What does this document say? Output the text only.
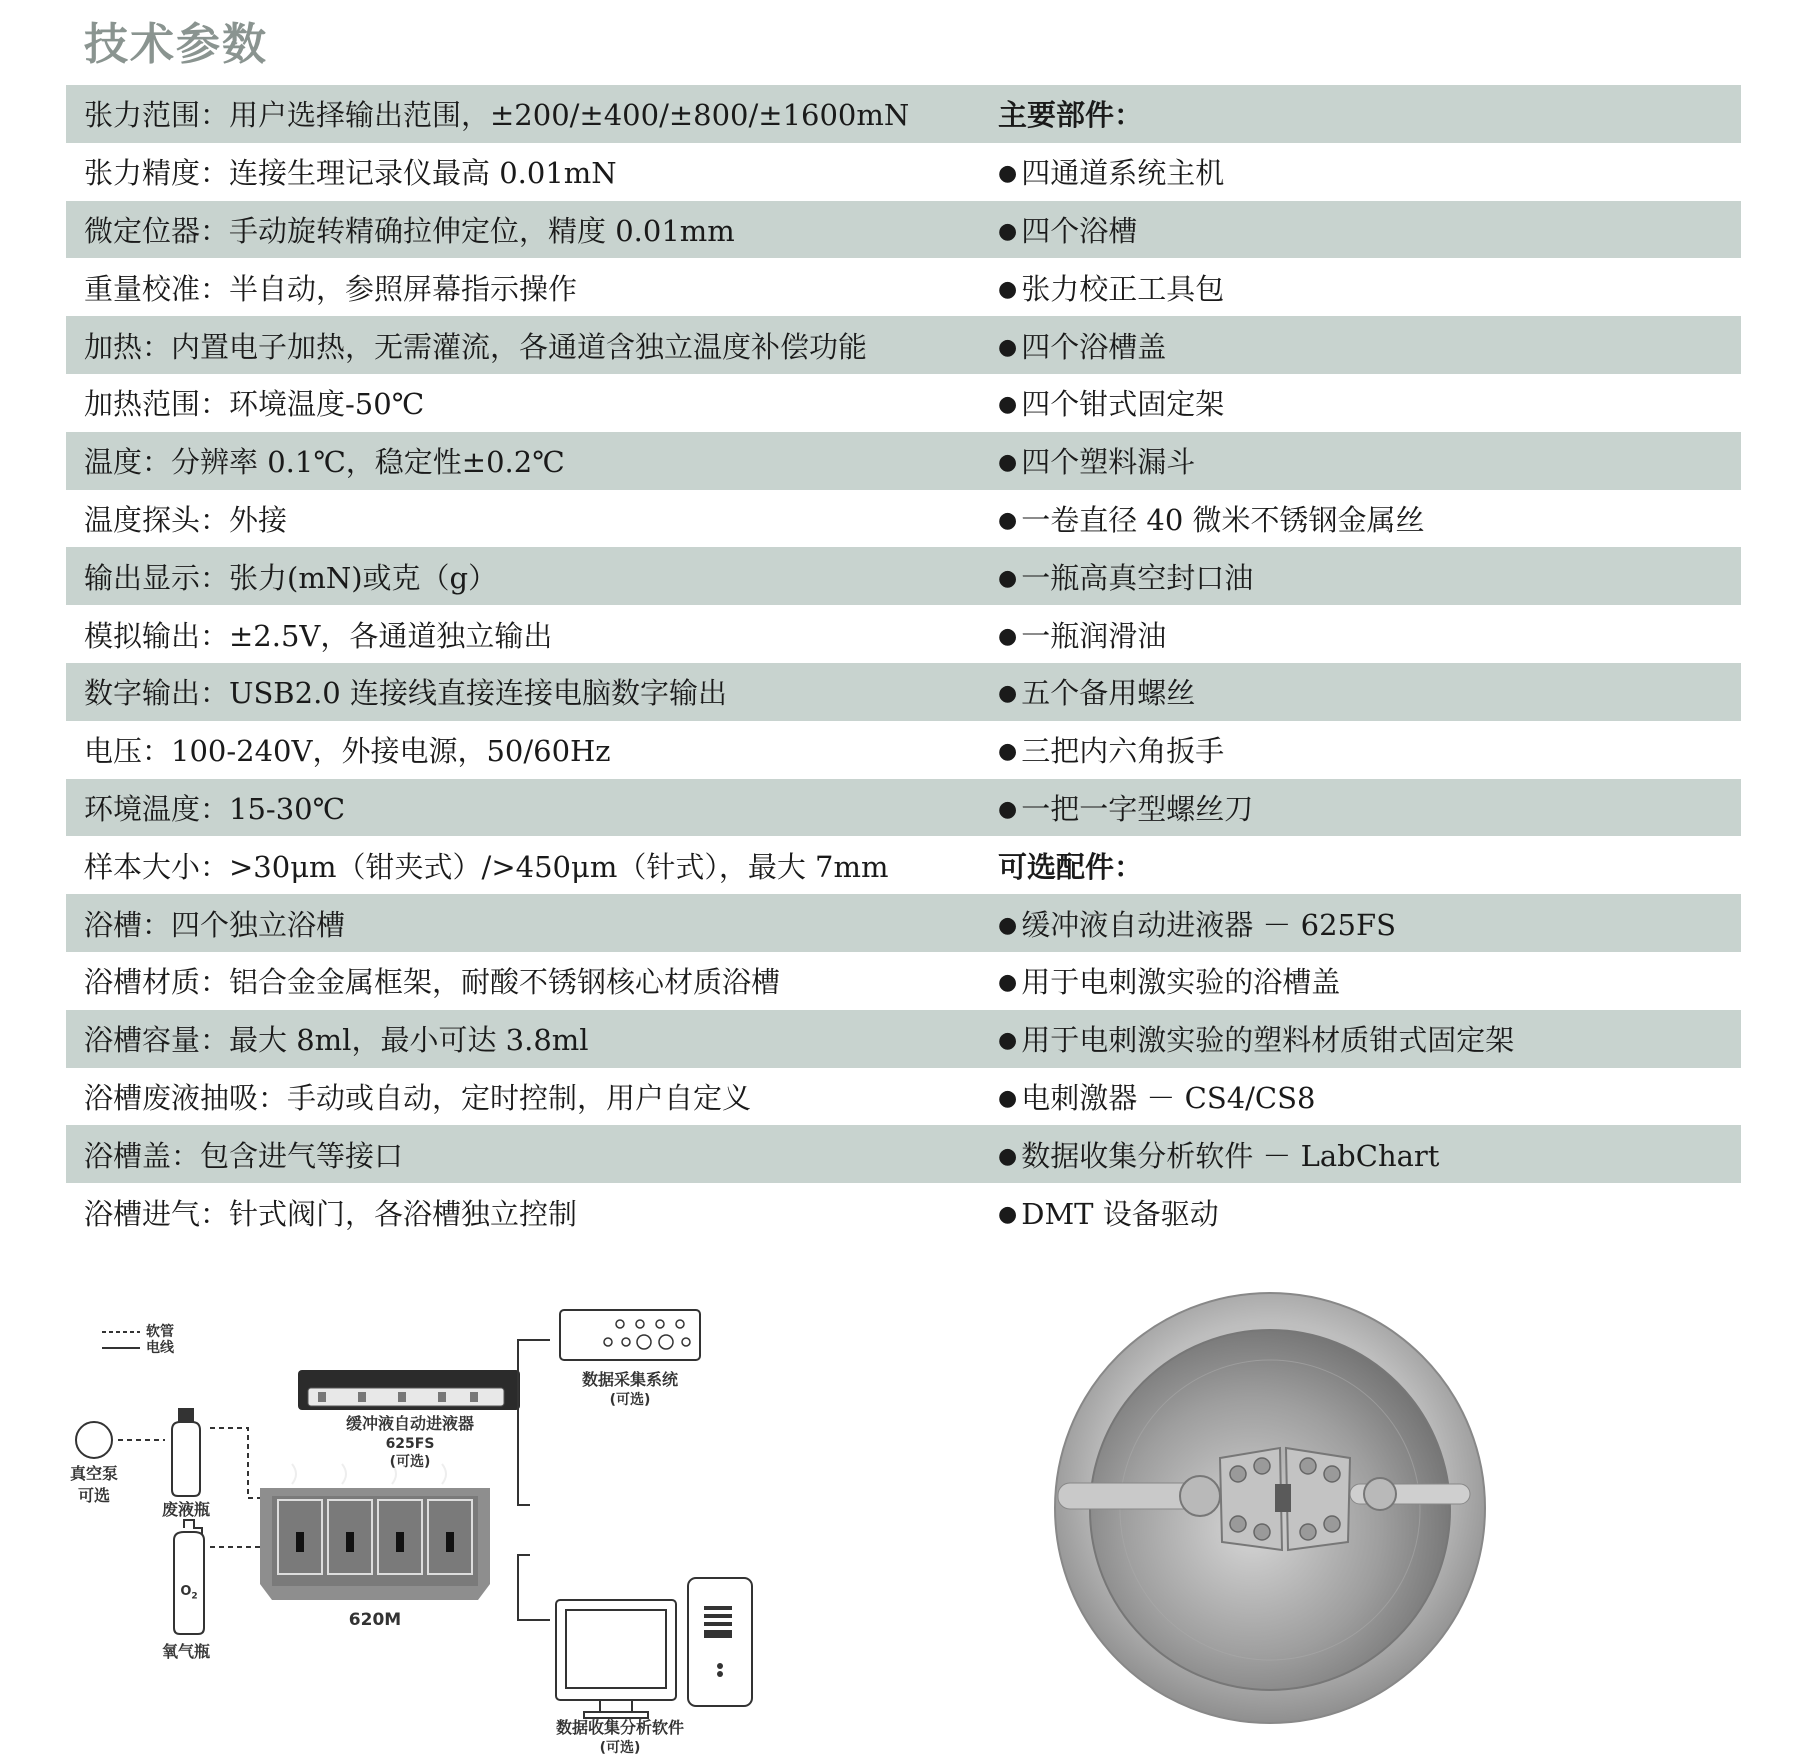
技术参数
张力范围：用户选择输出范围，±200/±400/±800/±1600mN	主要部件：
张力精度：连接生理记录仪最高 0.01mN	● 四通道系统主机
微定位器：手动旋转精确拉伸定位，精度 0.01mm	● 四个浴槽
重量校准：半自动，参照屏幕指示操作	● 张力校正工具包
加热：内置电子加热，无需灌流，各通道含独立温度补偿功能	● 四个浴槽盖
加热范围：环境温度-50℃	● 四个钳式固定架
温度：分辨率 0.1℃，稳定性±0.2℃	● 四个塑料漏斗
温度探头：外接	● 一卷直径 40 微米不锈钢金属丝
输出显示：张力(mN)或克（g）	● 一瓶高真空封口油
模拟输出：±2.5V，各通道独立输出	● 一瓶润滑油
数字输出：USB2.0 连接线直接连接电脑数字输出	● 五个备用螺丝
电压：100-240V，外接电源，50/60Hz	● 三把内六角扳手
环境温度：15-30℃	● 一把一字型螺丝刀
样本大小：>30μm（钳夹式）/>450μm（针式），最大 7mm	可选配件：
浴槽：四个独立浴槽	● 缓冲液自动进液器 － 625FS
浴槽材质：铝合金金属框架，耐酸不锈钢核心材质浴槽	● 用于电刺激实验的浴槽盖
浴槽容量：最大 8ml，最小可达 3.8ml	● 用于电刺激实验的塑料材质钳式固定架
浴槽废液抽吸：手动或自动，定时控制，用户自定义	● 电刺激器 － CS4/CS8
浴槽盖：包含进气等接口	● 数据收集分析软件 － LabChart
浴槽进气：针式阀门，各浴槽独立控制	● DMT 设备驱动
软管
电线
真空泵
可选
废液瓶
$O_2$
氧气瓶
缓冲液自动进液器
625FS
(可选)
620M
数据采集系统
(可选)
数据收集分析软件
(可选)
